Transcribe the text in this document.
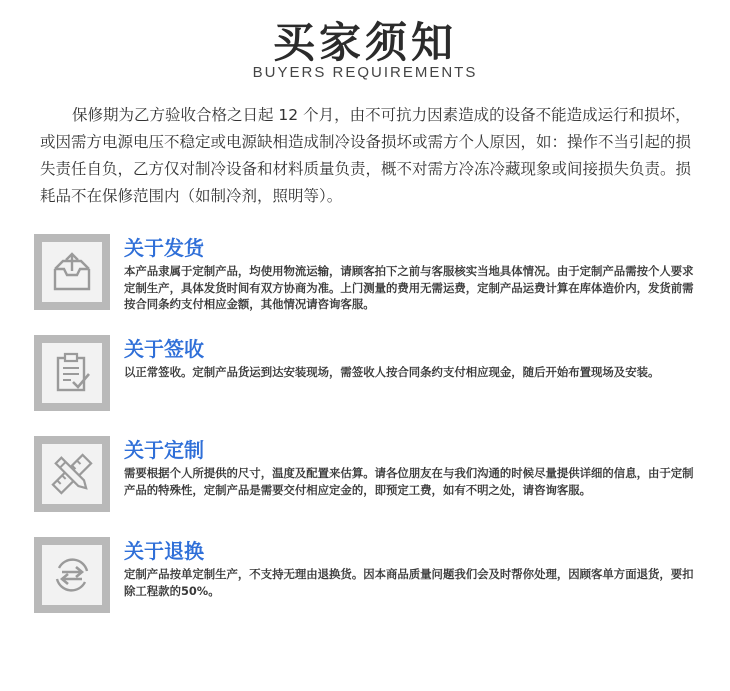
买家须知
BUYERS REQUIREMENTS
保修期为乙方验收合格之日起 12 个月，由不可抗力因素造成的设备不能造成运行和损坏，或因需方电源电压不稳定或电源缺相造成制冷设备损坏或需方个人原因，如：操作不当引起的损失责任自负，乙方仅对制冷设备和材料质量负责，概不对需方冷冻冷藏现象或间接损失负责。损耗品不在保修范围内（如制冷剂，照明等）。
关于发货
本产品隶属于定制产品，均使用物流运输，请顾客拍下之前与客服核实当地具体情况。由于定制产品需按个人要求定制生产，具体发货时间有双方协商为准。上门测量的费用无需运费，定制产品运费计算在库体造价内，发货前需按合同条约支付相应金额，其他情况请咨询客服。
关于签收
以正常签收。定制产品货运到达安装现场，需签收人按合同条约支付相应现金，随后开始布置现场及安装。
关于定制
需要根据个人所提供的尺寸，温度及配置来估算。请各位朋友在与我们沟通的时候尽量提供详细的信息，由于定制产品的特殊性，定制产品是需要交付相应定金的，即预定工费，如有不明之处，请咨询客服。
关于退换
定制产品按单定制生产，不支持无理由退换货。因本商品质量问题我们会及时帮你处理，因顾客单方面退货，要扣除工程款的50%。
